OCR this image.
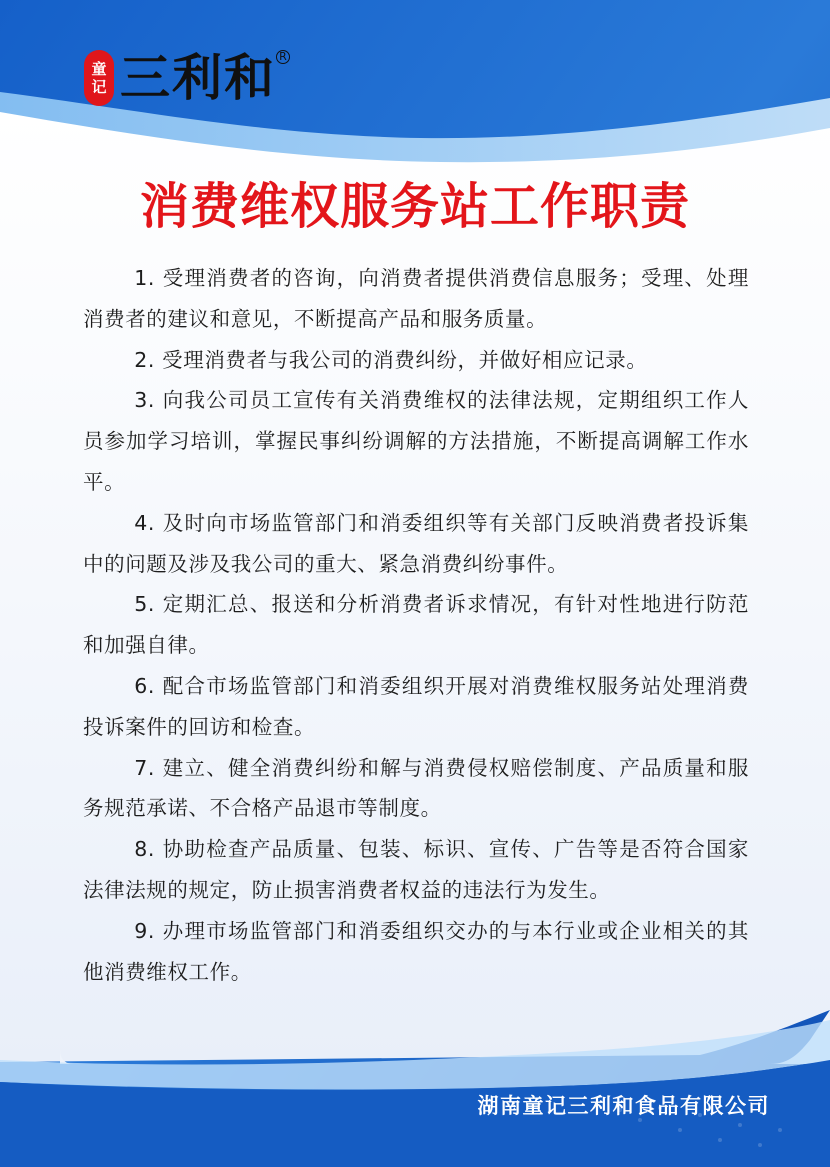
童
记 三利和 R
消费维权服务站工作职责
1. 受理消费者的咨询，向消费者提供消费信息服务；受理、处理消费者的建议和意见，不断提高产品和服务质量。
2. 受理消费者与我公司的消费纠纷，并做好相应记录。
3. 向我公司员工宣传有关消费维权的法律法规，定期组织工作人员参加学习培训，掌握民事纠纷调解的方法措施，不断提高调解工作水平。
4. 及时向市场监管部门和消委组织等有关部门反映消费者投诉集中的问题及涉及我公司的重大、紧急消费纠纷事件。
5. 定期汇总、报送和分析消费者诉求情况，有针对性地进行防范和加强自律。
6. 配合市场监管部门和消委组织开展对消费维权服务站处理消费投诉案件的回访和检查。
7. 建立、健全消费纠纷和解与消费侵权赔偿制度、产品质量和服务规范承诺、不合格产品退市等制度。
8. 协助检查产品质量、包装、标识、宣传、广告等是否符合国家法律法规的规定，防止损害消费者权益的违法行为发生。
9. 办理市场监管部门和消委组织交办的与本行业或企业相关的其他消费维权工作。
湖南童记三利和食品有限公司
